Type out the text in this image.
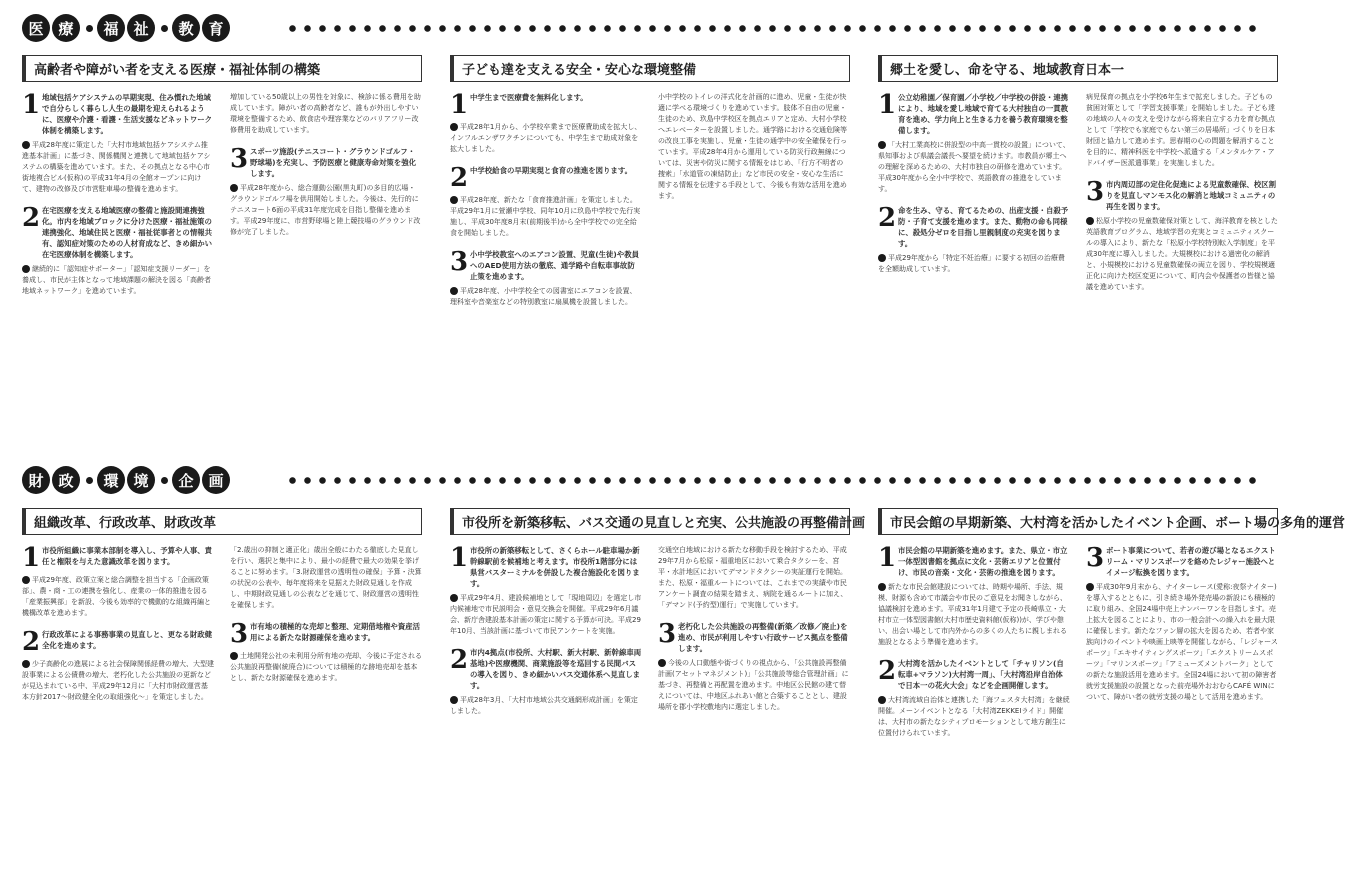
医 療	福 祉	教 育
財 政	環 境	企 画
高齢者や障がい者を支える医療・福祉体制の構築
1 地域包括ケアシステムの早期実現、住み慣れた地域で自分らしく暮らし人生の最期を迎えられるように、医療や介護・看護・生活支援などネットワーク体制を構築します。
平成28年度に策定した「大村市地域包括ケアシステム推進基本計画」に基づき、関係機関と連携して地域包括ケアシステムの構築を進めています。また、その拠点となる中心市街地複合ビル(仮称)の平成31年4月の全館オープンに向けて、建物の改修及び市営駐車場の整備を進めます。
2 在宅医療を支える地域医療の整備と施設間連携強化。市内を地域ブロックに分けた医療・福祉施策の連携強化、地域住民と医療・福祉従事者との情報共有、認知症対策のための人材育成など、きめ細かい在宅医療体制を構築します。
継続的に「認知症サポーター」「認知症支援リーダー」を養成し、市民が主体となって地域課題の解決を図る「高齢者地域ネットワーク」を進めています。
増加している50歳以上の男性を対象に、検診に係る費用を助成しています。障がい者の高齢者など、誰もが外出しやすい環境を整備するため、飲食店や理容業などのバリアフリー改修費用を助成しています。
3 スポーツ施設(テニスコート・グラウンドゴルフ・野球場)を充実し、予防医療と健康寿命対策を強化します。
平成28年度から、総合運動公園(黒丸町)の多目的広場・グラウンドゴルフ場を供用開始しました。今後は、先行的にテニスコート6面の平成31年度完成を目指し整備を進めます。平成29年度に、市営野球場と陸上競技場のグラウンド改修が完了しました。
子ども達を支える安全・安心な環境整備
1 中学生まで医療費を無料化します。
平成28年1月から、小学校卒業まで医療費助成を拡大し、インフルエンザワクチンについても、中学生まで助成対象を拡大しました。
2 中学校給食の早期実現と食育の推進を図ります。
平成28年度、新たな「食育推進計画」を策定しました。平成29年1月に萱瀬中学校、同年10月に玖島中学校で先行実施し、平成30年度8月末(前期後半)から全中学校での完全給食を開始しました。
3 小中学校教室へのエアコン設置、児童(生徒)や教員へのAED使用方法の徹底、通学路や自転車事故防止策を進めます。
平成28年度、小中学校全ての図書室にエアコンを設置、理科室や音楽室などの特別教室に扇風機を設置しました。
小中学校のトイレの洋式化を計画的に進め、児童・生徒が快適に学べる環境づくりを進めています。肢体不自由の児童・生徒のため、玖島中学校区を拠点エリアと定め、大村小学校へエレベーターを設置しました。通学路における交通危険等の改良工事を実施し、児童・生徒の通学中の安全確保を行っています。平成28年4月から運用している防災行政無線については、災害や防災に関する情報をはじめ、「行方不明者の捜索」「水道管の凍結防止」など市民の安全・安心な生活に関する情報を伝達する手段として、今後も有効な活用を進めます。
郷土を愛し、命を守る、地域教育日本一
1 公立幼稚園／保育園／小学校／中学校の併設・連携により、地域を愛し地域で育てる大村独自の一貫教育を進め、学力向上と生きる力を養う教育環境を整備します。
「大村工業高校に併設型の中高一貫校の設置」について、県知事および県議会議長へ要望を続けます。市教員が郷土への理解を深めるための、大村市独自の研修を進めています。平成30年度から全小中学校で、英語教育の推進をしています。
2 命を生み、守る、育てるための、出産支援・自殺予防・子育て支援を進めます。また、動物の命も同様に、殺処分ゼロを目指し里親制度の充実を図ります。
平成29年度から「特定不妊治療」に要する初回の治療費を全額助成しています。
病児保育の拠点を小学校6年生まで拡充しました。子どもの貧困対策として「学習支援事業」を開始しました。子ども達の地域の人々の支えを受けながら将来自立する力を育む拠点として「学校でも家庭でもない第三の居場所」づくりを日本財団と協力して進めます。思春期の心の問題を解消することを目的に、精神科医を中学校へ派遣する「メンタルケア・アドバイザー医派遣事業」を実施しました。
3 市内周辺部の定住化促進による児童数確保、校区割りを見直しマンモス化の解消と地域コミュニティの再生を図ります。
松原小学校の児童数確保対策として、海洋教育を核とした英語教育プログラム、地域学習の充実とコミュニティスクールの導入により、新たな「松原小学校特別転入学制度」を平成30年度に導入しました。大規模校における過密化の解消と、小規模校における児童数確保の両立を図り、学校規模適正化に向けた校区変更について、町内会や保護者の皆様と協議を進めています。
組織改革、行政改革、財政改革
1 市役所組織に事業本部制を導入し、予算や人事、責任と権限を与えた意識改革を図ります。
平成29年度、政策立案と総合調整を担当する「企画政策部」、農・商・工の連携を強化し、産業の一体的推進を図る「産業振興部」を新設、今後も効率的で機動的な組織再編と機構改革を進めます。
2 行政改革による事務事業の見直しと、更なる財政健全化を進めます。
少子高齢化の進展による社会保障関係経費の増大、大型建設事業による公債費の増大、老朽化した公共施設の更新などが見込まれている中、平成29年12月に「大村市財政運営基本方針2017〜財政健全化の取組強化〜」を策定しました。
「2.歳出の抑制と適正化」歳出全般にわたる徹底した見直しを行い、選択と集中により、最小の経費で最大の効果を挙げることに努めます。「3.財政運営の透明性の確保」予算・決算の状況の公表や、毎年度将来を見据えた財政見通しを作成し、中期財政見通しの公表などを通じて、財政運営の透明性を確保します。
3 市有地の積極的な売却と整理、定期借地権や資産活用による新たな財源確保を進めます。
土地開発公社の未利用分所有地の売却、今後に予定される公共施設再整備(統廃合)については積極的な跡地売却を基本とし、新たな財源確保を進めます。
市役所を新築移転、バス交通の見直しと充実、公共施設の再整備計画
1 市役所の新築移転として、さくらホール駐車場か新幹線駅前を候補地と考えます。市役所1階部分には県営バスターミナルを併設した複合施設化を図ります。
平成29年4月、建設候補地として「現地周辺」を選定し市内候補地で市民説明会・意見交換会を開催。平成29年6月議会、新庁舎建設基本計画の策定に関する予算が可決。平成29年10月、当該計画に基づいて市民アンケートを実施。
2 市内4拠点(市役所、大村駅、新大村駅、新幹線車両基地)や医療機関、商業施設等を巡回する民間バスの導入を図り、きめ細かいバス交通体系へ見直します。
平成28年3月、「大村市地域公共交通網形成計画」を策定しました。
交通空白地域における新たな移動手段を検討するため、平成29年7月から松原・福重地区において乗合タクシーを、宮平・水計地区においてデマンドタクシーの実証運行を開始。また、松原・福重ルートについては、これまでの実績や市民アンケート調査の結果を踏まえ、病院を通るルートに加え、「デマンド(予約型)運行」で実施しています。
3 老朽化した公共施設の再整備(新築／改修／廃止)を進め、市民が利用しやすい行政サービス拠点を整備します。
今後の人口動態や街づくりの視点から、「公共施設再整備計画(アセットマネジメント)」「公共施設等総合管理計画」に基づき、再整備と再配置を進めます。中地区公民館の建て替えについては、中地区ふれあい館と合築することとし、建設場所を郡小学校敷地内に選定しました。
市民会館の早期新築、大村湾を活かしたイベント企画、ボート場の多角的運営
1 市民会館の早期新築を進めます。また、県立・市立一体型図書館を拠点に文化・芸術エリアと位置付け、市民の音楽・文化・芸術の推進を図ります。
新たな市民会館建設については、時期や場所、手法、規模、財源も含めて市議会や市民のご意見をお聞きしながら、協議検討を進めます。平成31年1月建て予定の長崎県立・大村市立一体型図書館(大村市歴史資料館(仮称))が、学びや憩い、出会い場として市内外からの多くの人たちに親しまれる施設となるよう準備を進めます。
2 大村湾を活かしたイベントとして「チャリソン(自転車+マラソン)大村湾一周」、「大村湾沿岸自治体で日本一の花火大会」などを企画開催します。
大村湾流域自治体と連携した「海フェスタ大村湾」を継続開催。メーンイベントとなる「大村湾ZEKKEIライド」開催は、大村市の新たなシティプロモーションとして地方創生に位置付けられています。
3 ボート事業について、若者の遊び場となるエクストリーム・マリンスポーツを絡めたレジャー施設へとイメージ転換を図ります。
平成30年9月末から、ナイターレース(愛称:夜祭ナイター)を導入するとともに、引き続き場外発売場の新設にも積極的に取り組み、全国24場中売上ナンバーワンを目指します。売上拡大を図ることにより、市の一般会計への繰入れを最大限に確保します。新たなファン層の拡大を図るため、若者や家族向けのイベントや映画上映等を開催しながら、「レジャースポーツ」「エキサイティングスポーツ」「エクストリームスポーツ」「マリンスポーツ」「アミューズメントパーク」としての新たな施設活用を進めます。全国24場において初の障害者就労支援施設の設置となった前売場外おおむらCAFÉ WINについて、障がい者の就労支援の場として活用を進めます。
